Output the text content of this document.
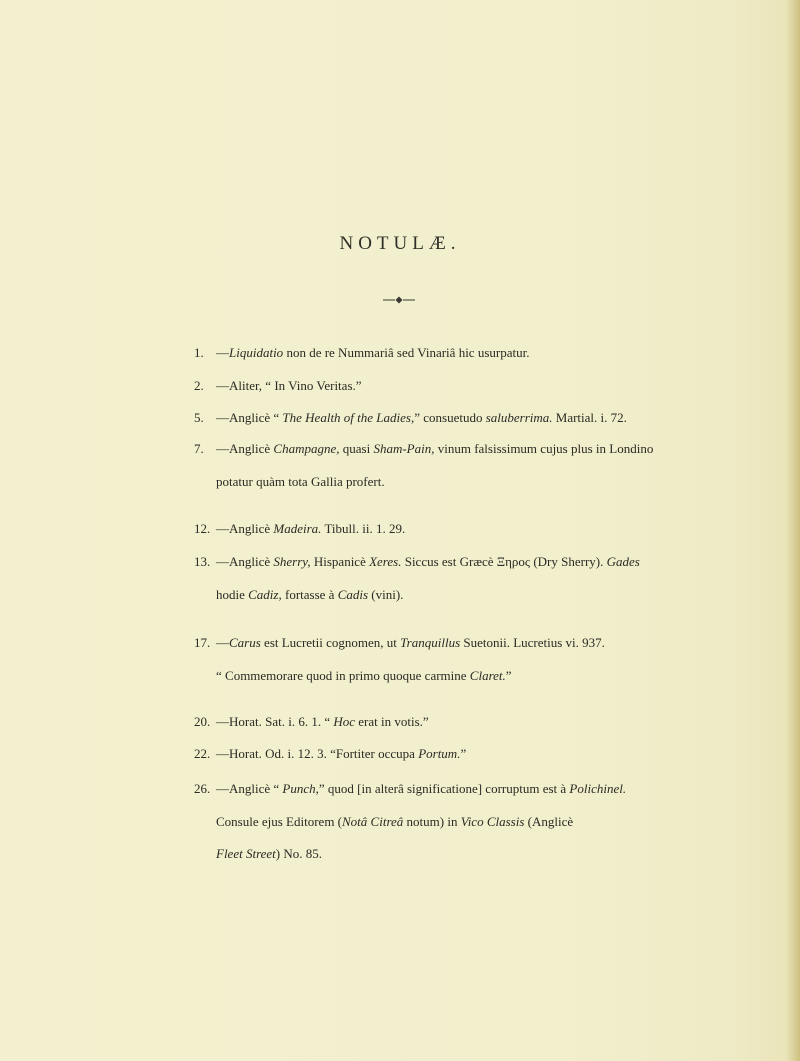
NOTULÆ.
1. —Liquidatio non de re Nummariâ sed Vinariâ hic usurpatur.
2. —Aliter, “ In Vino Veritas.”
5. —Anglicè “ The Health of the Ladies,” consuetudo saluberrima. Martial. i. 72.
7. —Anglicè Champagne, quasi Sham-Pain, vinum falsissimum cujus plus in Londino
potatur quàm tota Gallia profert.
12. —Anglicè Madeira. Tibull. ii. 1. 29.
13. —Anglicè Sherry, Hispanicè Xeres. Siccus est Græcè Ξηρος (Dry Sherry). Gades
hodie Cadiz, fortasse à Cadis (vini).
17. —Carus est Lucretii cognomen, ut Tranquillus Suetonii. Lucretius vi. 937.
“ Commemorare quod in primo quoque carmine Claret.”
20. —Horat. Sat. i. 6. 1. “ Hoc erat in votis.”
22. —Horat. Od. i. 12. 3. “Fortiter occupa Portum.”
26. —Anglicè “ Punch,” quod [in alterâ significatione] corruptum est à Polichinel.
Consule ejus Editorem (Notâ Citreâ notum) in Vico Classis (Anglicè
Fleet Street) No. 85.
